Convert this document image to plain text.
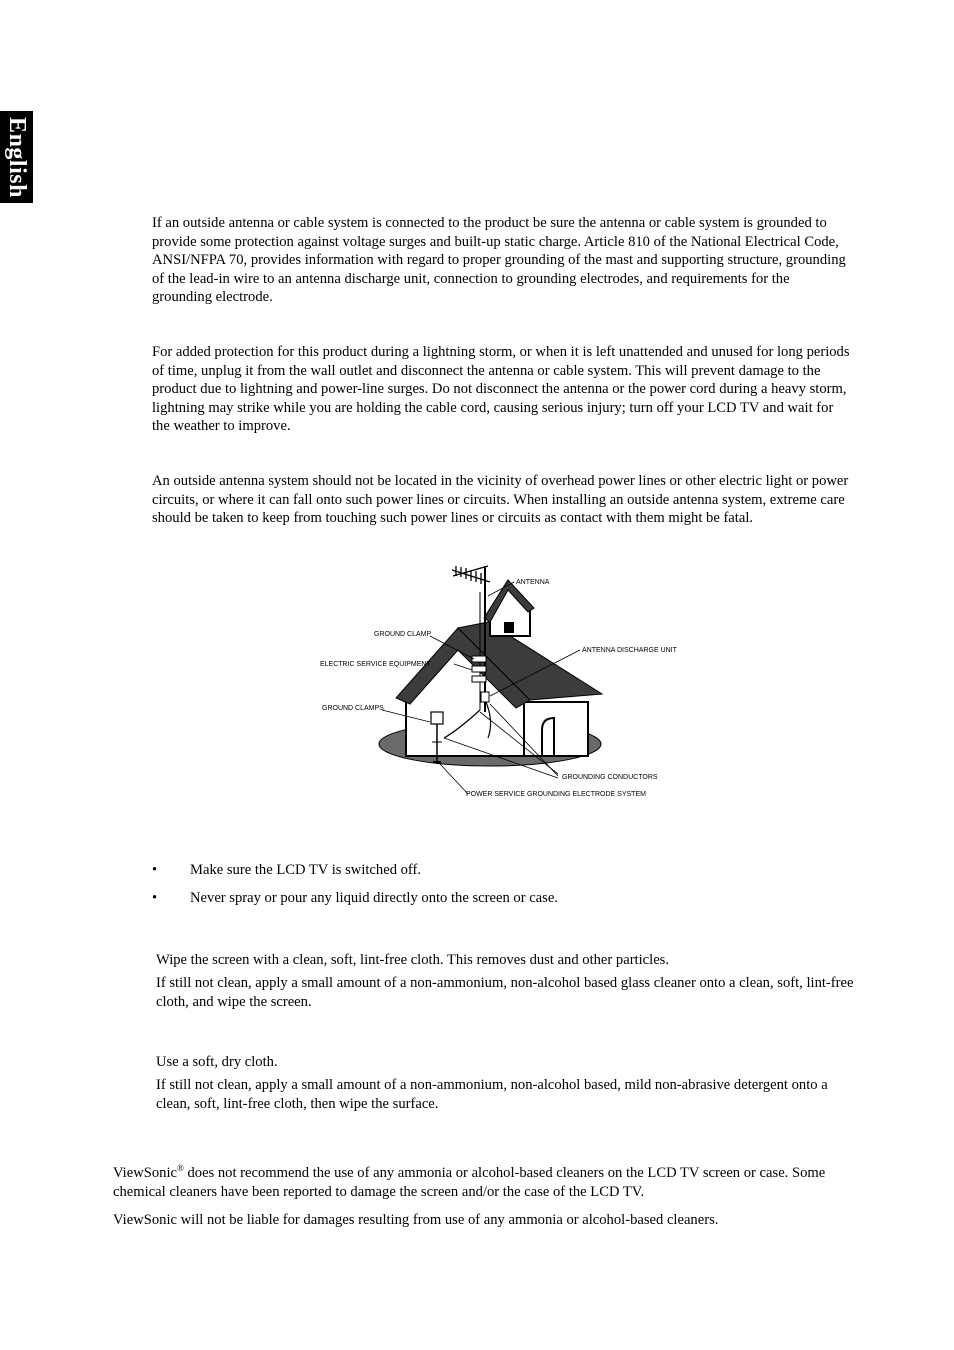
English

If an outside antenna or cable system is connected to the product be sure the antenna or cable system is grounded to provide some protection against voltage surges and built-up static charge. Article 810 of the National Electrical Code, ANSI/NFPA 70, provides information with regard to proper grounding of the mast and supporting structure, grounding of the lead-in wire to an antenna discharge unit, connection to grounding electrodes, and requirements for the grounding electrode.

For added protection for this product during a lightning storm, or when it is left unattended and unused for long periods of time, unplug it from the wall outlet and disconnect the antenna or cable system. This will prevent damage to the product due to lightning and power-line surges. Do not disconnect the antenna or the power cord during a heavy storm, lightning may strike while you are holding the cable cord, causing serious injury; turn off your LCD TV and wait for the weather to improve.

An outside antenna system should not be located in the vicinity of overhead power lines or other electric light or power circuits, or where it can fall onto such power lines or circuits. When installing an outside antenna system, extreme care should be taken to keep from touching such power lines or circuits as contact with them might be fatal.

ANTENNA
GROUND CLAMP
ELECTRIC SERVICE EQUIPMENT
ANTENNA DISCHARGE UNIT
GROUND CLAMPS
GROUNDING CONDUCTORS
POWER SERVICE GROUNDING ELECTRODE SYSTEM
• Make sure the LCD TV is switched off.
• Never spray or pour any liquid directly onto the screen or case.

Wipe the screen with a clean, soft, lint-free cloth. This removes dust and other particles.

If still not clean, apply a small amount of a non-ammonium, non-alcohol based glass cleaner onto a clean, soft, lint-free cloth, and wipe the screen.

Use a soft, dry cloth.

If still not clean, apply a small amount of a non-ammonium, non-alcohol based, mild non-abrasive detergent onto a clean, soft, lint-free cloth, then wipe the surface.

ViewSonic® does not recommend the use of any ammonia or alcohol-based cleaners on the LCD TV screen or case. Some chemical cleaners have been reported to damage the screen and/or the case of the LCD TV.

ViewSonic will not be liable for damages resulting from use of any ammonia or alcohol-based cleaners.
